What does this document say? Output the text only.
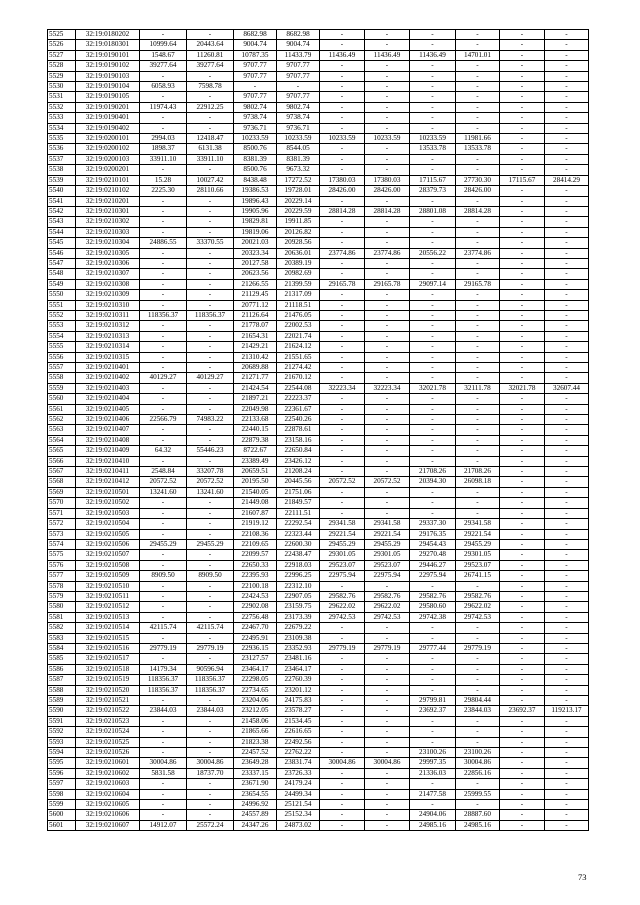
5525	32:19:0180202	-	-	8682.98	8682.98	-	-	-	-	-	-
5526	32:19:0180301	10999.64	20443.64	9004.74	9004.74	-	-	-	-	-	-
5527	32:19:0190101	1548.67	11260.81	10787.35	11433.79	11436.49	11436.49	11436.49	14701.01	-	-
5528	32:19:0190102	39277.64	39277.64	9707.77	9707.77	-	-	-	-	-	-
5529	32:19:0190103	-	-	9707.77	9707.77	-	-	-	-	-	-
5530	32:19:0190104	6058.93	7598.78	-	-	-	-	-	-	-	-
5531	32:19:0190105	-	-	9707.77	9707.77	-	-	-	-	-	-
5532	32:19:0190201	11974.43	22912.25	9802.74	9802.74	-	-	-	-	-	-
5533	32:19:0190401	-	-	9738.74	9738.74	-	-	-	-	-	-
5534	32:19:0190402	-	-	9736.71	9736.71	-	-	-	-	-	-
5535	32:19:0200101	2994.03	12418.47	10233.59	10233.59	10233.59	10233.59	10233.59	11981.66	-	-
5536	32:19:0200102	1898.37	6131.38	8500.76	8544.05	-	-	13533.78	13533.78	-	-
5537	32:19:0200103	33911.10	33911.10	8381.39	8381.39	-	-	-	-	-	-
5538	32:19:0200201	-	-	8500.76	9673.32	-	-	-	-	-	-
5539	32:19:0210101	15.28	10027.42	8438.48	17272.52	17380.03	17380.03	17115.67	27730.30	17115.67	28414.29
5540	32:19:0210102	2225.30	28110.66	19386.53	19728.01	28426.00	28426.00	28379.73	28426.00	-	-
5541	32:19:0210201	-	-	19896.43	20229.14	-	-	-	-	-	-
5542	32:19:0210301	-	-	19905.96	20229.59	28814.28	28814.28	28801.08	28814.28	-	-
5543	32:19:0210302	-	-	19829.81	19911.85	-	-	-	-	-	-
5544	32:19:0210303	-	-	19819.06	20126.82	-	-	-	-	-	-
5545	32:19:0210304	24886.55	33370.55	20021.03	20928.56	-	-	-	-	-	-
5546	32:19:0210305	-	-	20323.34	20636.01	23774.86	23774.86	20556.22	23774.86	-	-
5547	32:19:0210306	-	-	20127.58	20389.19	-	-	-	-	-	-
5548	32:19:0210307	-	-	20623.56	20982.69	-	-	-	-	-	-
5549	32:19:0210308	-	-	21266.55	21399.59	29165.78	29165.78	29097.14	29165.78	-	-
5550	32:19:0210309	-	-	21129.45	21317.09	-	-	-	-	-	-
5551	32:19:0210310	-	-	20771.12	21118.51	-	-	-	-	-	-
5552	32:19:0210311	118356.37	118356.37	21126.64	21476.05	-	-	-	-	-	-
5553	32:19:0210312	-	-	21778.07	22002.53	-	-	-	-	-	-
5554	32:19:0210313	-	-	21654.31	22021.74	-	-	-	-	-	-
5555	32:19:0210314	-	-	21429.21	21624.12	-	-	-	-	-	-
5556	32:19:0210315	-	-	21310.42	21551.65	-	-	-	-	-	-
5557	32:19:0210401	-	-	20689.88	21274.42	-	-	-	-	-	-
5558	32:19:0210402	40129.27	40129.27	21271.77	21670.12	-	-	-	-	-	-
5559	32:19:0210403	-	-	21424.54	22544.08	32223.34	32223.34	32021.78	32111.78	32021.78	32607.44
5560	32:19:0210404	-	-	21897.21	22223.37	-	-	-	-	-	-
5561	32:19:0210405	-	-	22049.98	22361.67	-	-	-	-	-	-
5562	32:19:0210406	22566.79	74983.22	22133.68	22540.26	-	-	-	-	-	-
5563	32:19:0210407	-	-	22440.15	22878.61	-	-	-	-	-	-
5564	32:19:0210408	-	-	22879.38	23158.16	-	-	-	-	-	-
5565	32:19:0210409	64.32	55446.23	8722.67	22650.84	-	-	-	-	-	-
5566	32:19:0210410	-	-	23389.49	23426.12	-	-	-	-	-	-
5567	32:19:0210411	2548.84	33207.78	20659.51	21208.24	-	-	21708.26	21708.26	-	-
5568	32:19:0210412	20572.52	20572.52	20195.50	20445.56	20572.52	20572.52	20394.30	26098.18	-	-
5569	32:19:0210501	13241.60	13241.60	21540.05	21751.06	-	-	-	-	-	-
5570	32:19:0210502	-	-	21449.08	21849.57	-	-	-	-	-	-
5571	32:19:0210503	-	-	21607.87	22111.51	-	-	-	-	-	-
5572	32:19:0210504	-	-	21919.12	22292.54	29341.58	29341.58	29337.30	29341.58	-	-
5573	32:19:0210505	-	-	22108.36	22323.44	29221.54	29221.54	29176.35	29221.54	-	-
5574	32:19:0210506	29455.29	29455.29	22109.65	22600.30	29455.29	29455.29	29454.43	29455.29	-	-
5575	32:19:0210507	-	-	22099.57	22438.47	29301.05	29301.05	29270.48	29301.05	-	-
5576	32:19:0210508	-	-	22650.33	22918.03	29523.07	29523.07	29446.27	29523.07	-	-
5577	32:19:0210509	8909.50	8909.50	22395.93	22996.25	22975.94	22975.94	22975.94	26741.15	-	-
5578	32:19:0210510	-	-	22100.18	22312.10	-	-	-	-	-	-
5579	32:19:0210511	-	-	22424.53	22907.05	29582.76	29582.76	29582.76	29582.76	-	-
5580	32:19:0210512	-	-	22902.08	23159.75	29622.02	29622.02	29580.60	29622.02	-	-
5581	32:19:0210513	-	-	22756.48	23173.39	29742.53	29742.53	29742.38	29742.53	-	-
5582	32:19:0210514	42115.74	42115.74	22467.70	22679.22	-	-	-	-	-	-
5583	32:19:0210515	-	-	22495.91	23109.38	-	-	-	-	-	-
5584	32:19:0210516	29779.19	29779.19	22936.15	23352.93	29779.19	29779.19	29777.44	29779.19	-	-
5585	32:19:0210517	-	-	23127.57	23481.16	-	-	-	-	-	-
5586	32:19:0210518	14179.34	90596.94	23464.17	23464.17	-	-	-	-	-	-
5587	32:19:0210519	118356.37	118356.37	22298.05	22760.39	-	-	-	-	-	-
5588	32:19:0210520	118356.37	118356.37	22734.65	23201.12	-	-	-	-	-	-
5589	32:19:0210521	-	-	23204.06	24175.83	-	-	29799.81	29804.44	-	-
5590	32:19:0210522	23844.03	23844.03	23212.05	23578.27	-	-	23692.37	23844.03	23692.37	119213.17
5591	32:19:0210523	-	-	21458.06	21534.45	-	-	-	-	-	-
5592	32:19:0210524	-	-	21865.66	22616.65	-	-	-	-	-	-
5593	32:19:0210525	-	-	21823.38	22492.56	-	-	-	-	-	-
5594	32:19:0210526	-	-	22457.52	22762.22	-	-	23100.26	23100.26	-	-
5595	32:19:0210601	30004.86	30004.86	23649.28	23831.74	30004.86	30004.86	29997.35	30004.86	-	-
5596	32:19:0210602	5831.58	18737.70	23337.15	23726.33	-	-	21336.03	22856.16	-	-
5597	32:19:0210603	-	-	23671.90	24179.24	-	-	-	-	-	-
5598	32:19:0210604	-	-	23654.55	24499.34	-	-	21477.58	25999.55	-	-
5599	32:19:0210605	-	-	24996.92	25121.54	-	-	-	-	-	-
5600	32:19:0210606	-	-	24557.89	25152.34	-	-	24904.06	28887.60	-	-
5601	32:19:0210607	14912.07	25572.24	24347.26	24873.02	-	-	24985.16	24985.16	-	-
73
